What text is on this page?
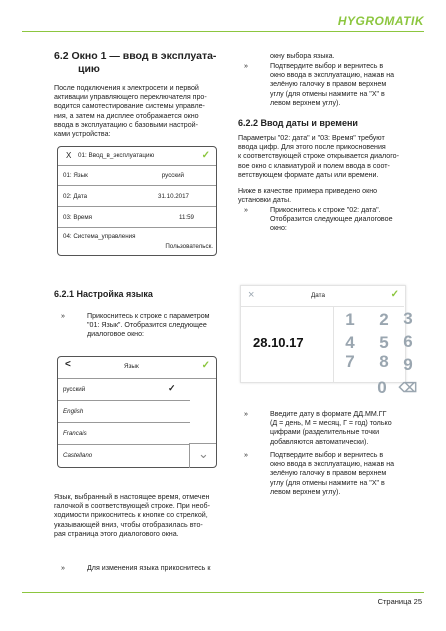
HYGROMATIK
6.2 Окно 1 — ввод в эксплуата-
цию

После подключения к электросети и первой

активации управляющего переключателя про-

водится самотестирование системы управле-

ния, а затем на дисплее отображается окно

ввода в эксплуатацию с базовыми настрой-

ками устройства:

X 01: Ввод_в_эксплуатацию	✓
01: Язык	русский
02: Дата	31.10.2017
03: Время	11:59
04: Система_управления
Пользовательск.
6.2.1 Настройка языка
»	Прикоснитесь к строке с параметром
"01: Язык". Отобразится следующее
диалоговое окно:
<	Язык	✓
русский	✓
English
Francais
Castellano	⌄

Язык, выбранный в настоящее время, отмечен

галочкой в соответствующей строке. При необ-

ходимости прикоснитесь к кнопке со стрелкой,

указывающей вниз, чтобы отобразилась вто-

рая страница этого диалогового окна.

»	Для изменения языка прикоснитесь к
окну выбора языка.
»	Подтвердите выбор и вернитесь в
окно ввода в эксплуатацию, нажав на
зелёную галочку в правом верхнем
углу (для отмены нажмите на "X" в
левом верхнем углу).
6.2.2 Ввод даты и времени

Параметры "02: дата" и "03: Время" требуют

ввода цифр. Для этого после прикосновения

к соответствующей строке открывается диалого-

вое окно с клавиатурой и полем ввода в соот-

ветствующем формате даты или времени.

Ниже в качестве примера приведено окно

установки даты.

»	Прикоснитесь к строке "02: дата".
Отобразится следующее диалоговое
окно:
×	Дата	✓
28.10.17
1	2
4	5
7	8
3
6
9
0 ⌫
»	Введите дату в формате ДД.ММ.ГГ
(Д = день, М = месяц, Г = год) только
цифрами (разделительные точки
добавляются автоматически).
»	Подтвердите выбор и вернитесь в
окно ввода в эксплуатацию, нажав на
зелёную галочку в правом верхнем
углу (для отмены нажмите на "X" в
левом верхнем углу).
Страница 25
